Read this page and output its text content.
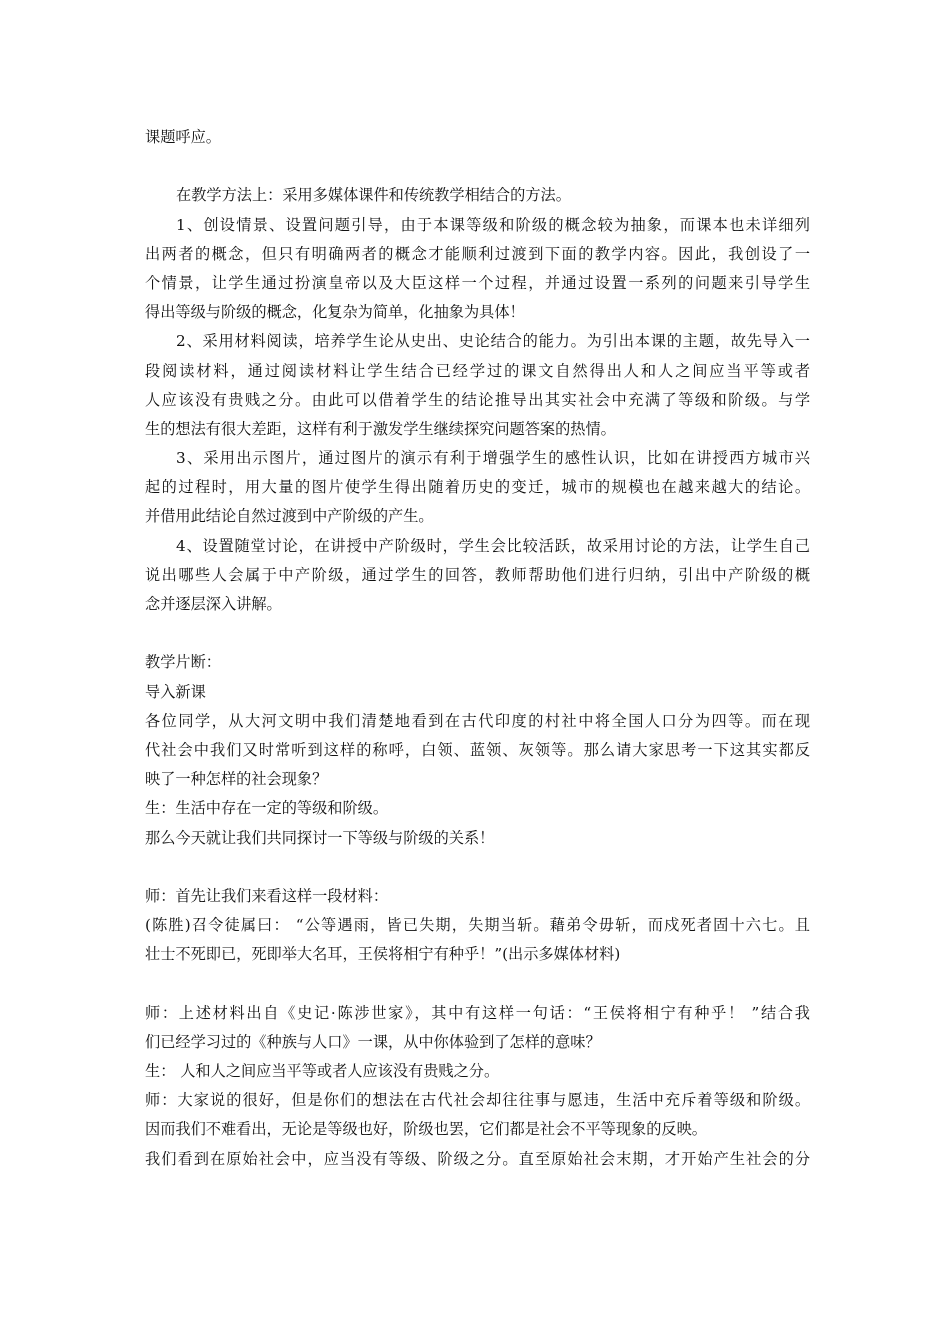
课题呼应。
在教学方法上：采用多媒体课件和传统教学相结合的方法。
1、创设情景、设置问题引导，由于本课等级和阶级的概念较为抽象，而课本也未详细列
出两者的概念，但只有明确两者的概念才能顺利过渡到下面的教学内容。因此，我创设了一
个情景，让学生通过扮演皇帝以及大臣这样一个过程，并通过设置一系列的问题来引导学生
得出等级与阶级的概念，化复杂为简单，化抽象为具体！
2、采用材料阅读，培养学生论从史出、史论结合的能力。为引出本课的主题，故先导入一
段阅读材料，通过阅读材料让学生结合已经学过的课文自然得出人和人之间应当平等或者
人应该没有贵贱之分。由此可以借着学生的结论推导出其实社会中充满了等级和阶级。与学
生的想法有很大差距，这样有利于激发学生继续探究问题答案的热情。
3、采用出示图片，通过图片的演示有利于增强学生的感性认识，比如在讲授西方城市兴
起的过程时，用大量的图片使学生得出随着历史的变迁，城市的规模也在越来越大的结论。
并借用此结论自然过渡到中产阶级的产生。
4、设置随堂讨论，在讲授中产阶级时，学生会比较活跃，故采用讨论的方法，让学生自己
说出哪些人会属于中产阶级，通过学生的回答，教师帮助他们进行归纳，引出中产阶级的概
念并逐层深入讲解。
教学片断：
导入新课
各位同学，从大河文明中我们清楚地看到在古代印度的村社中将全国人口分为四等。而在现
代社会中我们又时常听到这样的称呼，白领、蓝领、灰领等。那么请大家思考一下这其实都反
映了一种怎样的社会现象？
生：生活中存在一定的等级和阶级。
那么今天就让我们共同探讨一下等级与阶级的关系！
师：首先让我们来看这样一段材料：
(陈胜)召令徒属曰： “公等遇雨，皆已失期，失期当斩。藉弟令毋斩，而戍死者固十六七。且
壮士不死即已，死即举大名耳，王侯将相宁有种乎！”(出示多媒体材料)
师：上述材料出自《史记·陈涉世家》，其中有这样一句话：“王侯将相宁有种乎！ ”结合我
们已经学习过的《种族与人口》一课，从中你体验到了怎样的意味？
生： 人和人之间应当平等或者人应该没有贵贱之分。
师：大家说的很好，但是你们的想法在古代社会却往往事与愿违，生活中充斥着等级和阶级。
因而我们不难看出，无论是等级也好，阶级也罢，它们都是社会不平等现象的反映。
我们看到在原始社会中，应当没有等级、阶级之分。直至原始社会末期，才开始产生社会的分
